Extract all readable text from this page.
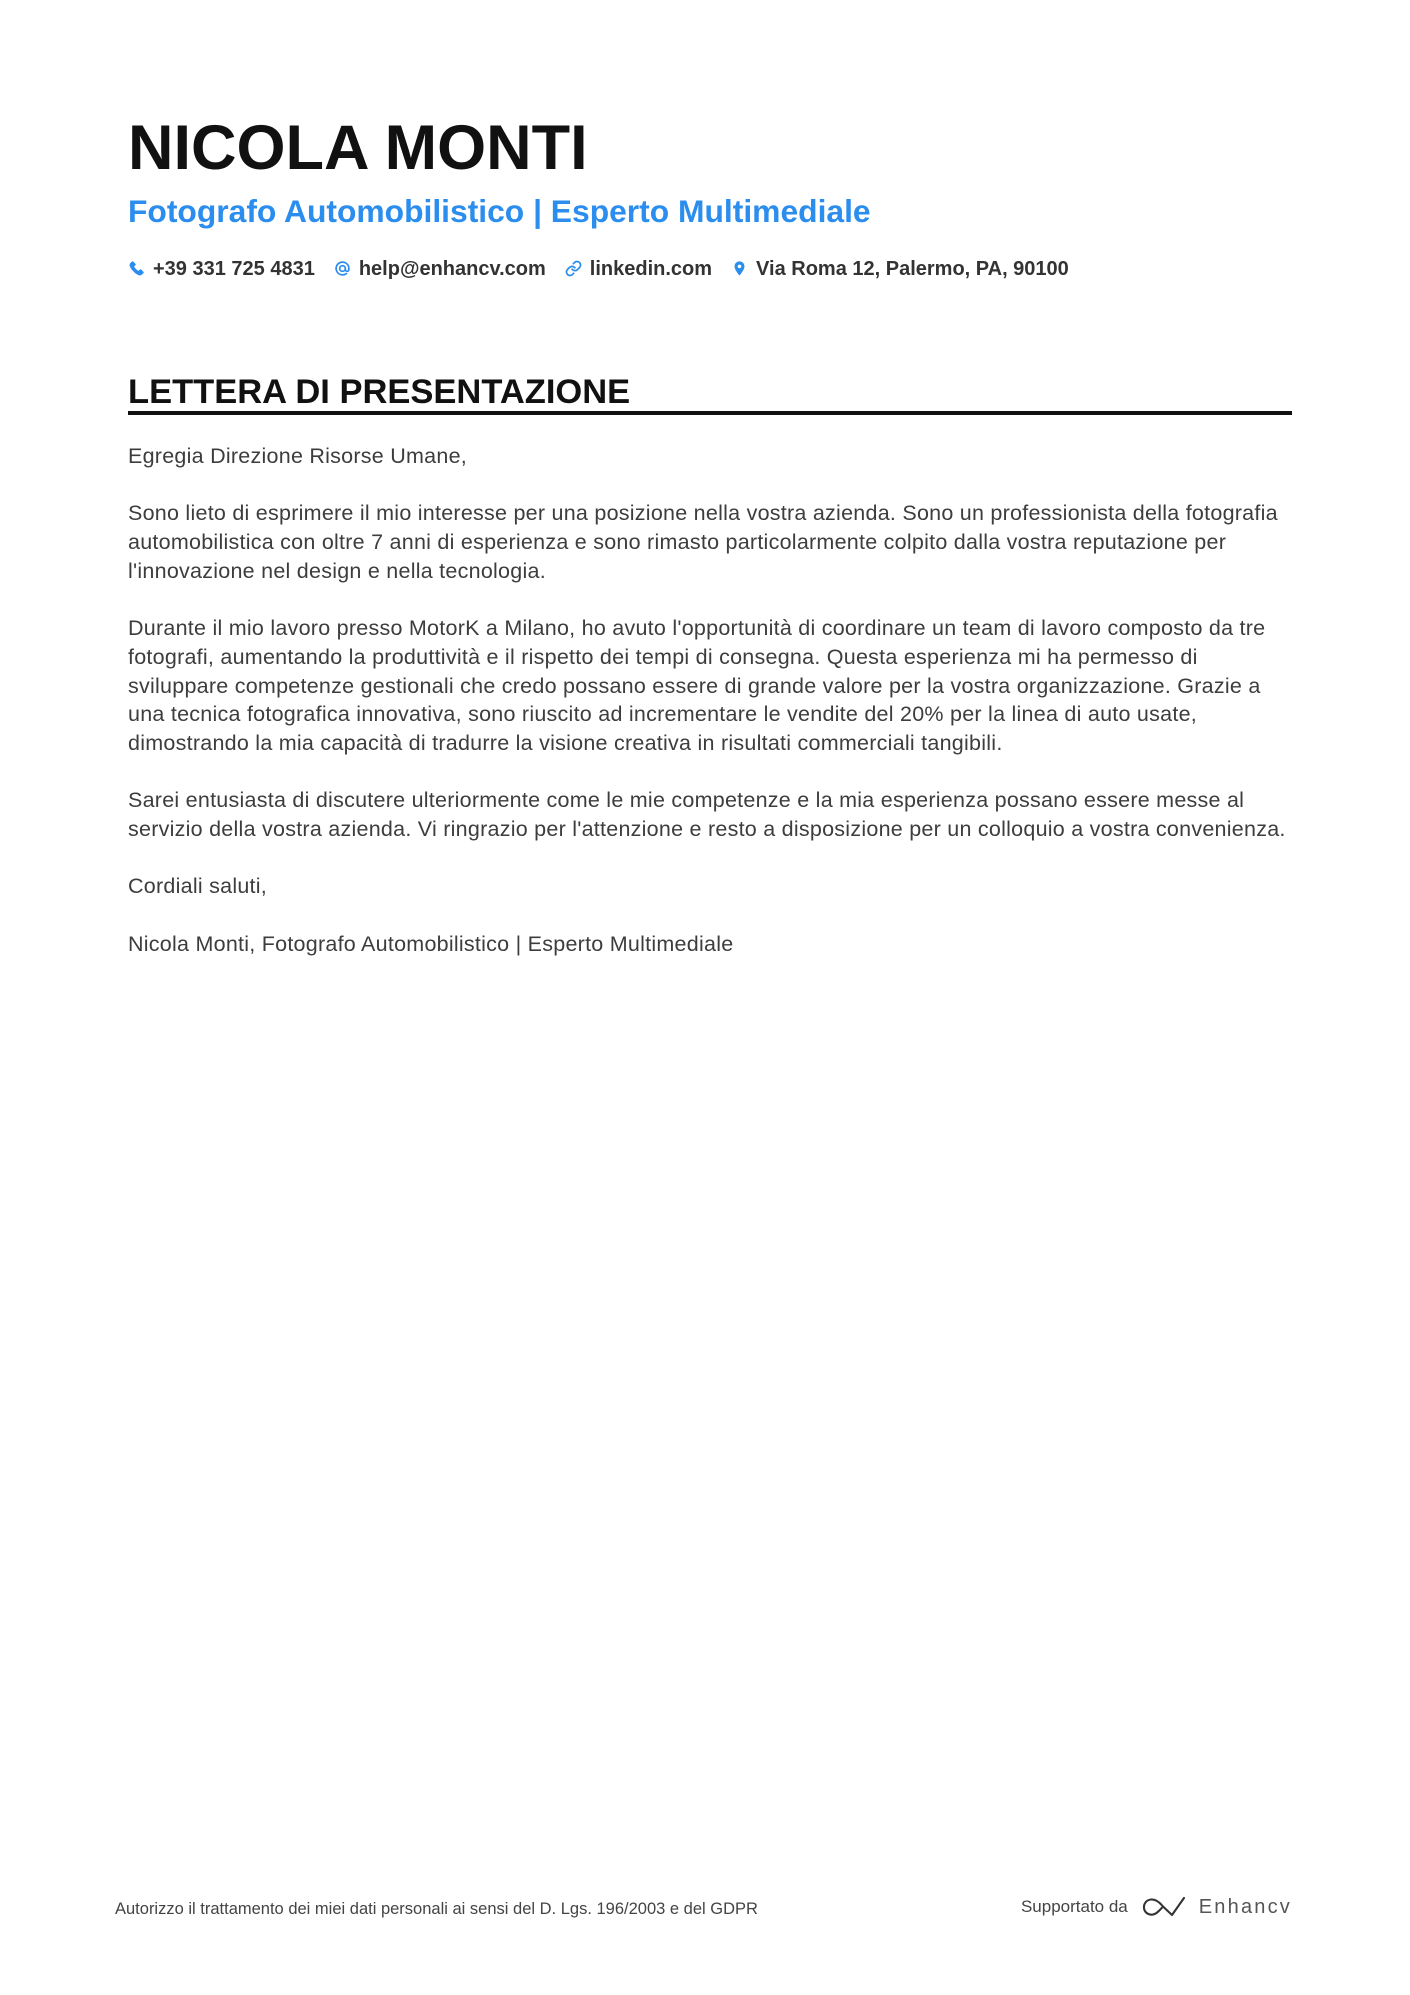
NICOLA MONTI
Fotografo Automobilistico | Esperto Multimediale
+39 331 725 4831 help@enhancv.com linkedin.com Via Roma 12, Palermo, PA, 90100
LETTERA DI PRESENTAZIONE

Egregia Direzione Risorse Umane,

Sono lieto di esprimere il mio interesse per una posizione nella vostra azienda. Sono un professionista della fotografia automobilistica con oltre 7 anni di esperienza e sono rimasto particolarmente colpito dalla vostra reputazione per l'innovazione nel design e nella tecnologia.

Durante il mio lavoro presso MotorK a Milano, ho avuto l'opportunità di coordinare un team di lavoro composto da tre fotografi, aumentando la produttività e il rispetto dei tempi di consegna. Questa esperienza mi ha permesso di sviluppare competenze gestionali che credo possano essere di grande valore per la vostra organizzazione. Grazie a una tecnica fotografica innovativa, sono riuscito ad incrementare le vendite del 20% per la linea di auto usate, dimostrando la mia capacità di tradurre la visione creativa in risultati commerciali tangibili.

Sarei entusiasta di discutere ulteriormente come le mie competenze e la mia esperienza possano essere messe al servizio della vostra azienda. Vi ringrazio per l'attenzione e resto a disposizione per un colloquio a vostra convenienza.

Cordiali saluti,

Nicola Monti, Fotografo Automobilistico | Esperto Multimediale

Autorizzo il trattamento dei miei dati personali ai sensi del D. Lgs. 196/2003 e del GDPR	Supportato da	Enhancv
